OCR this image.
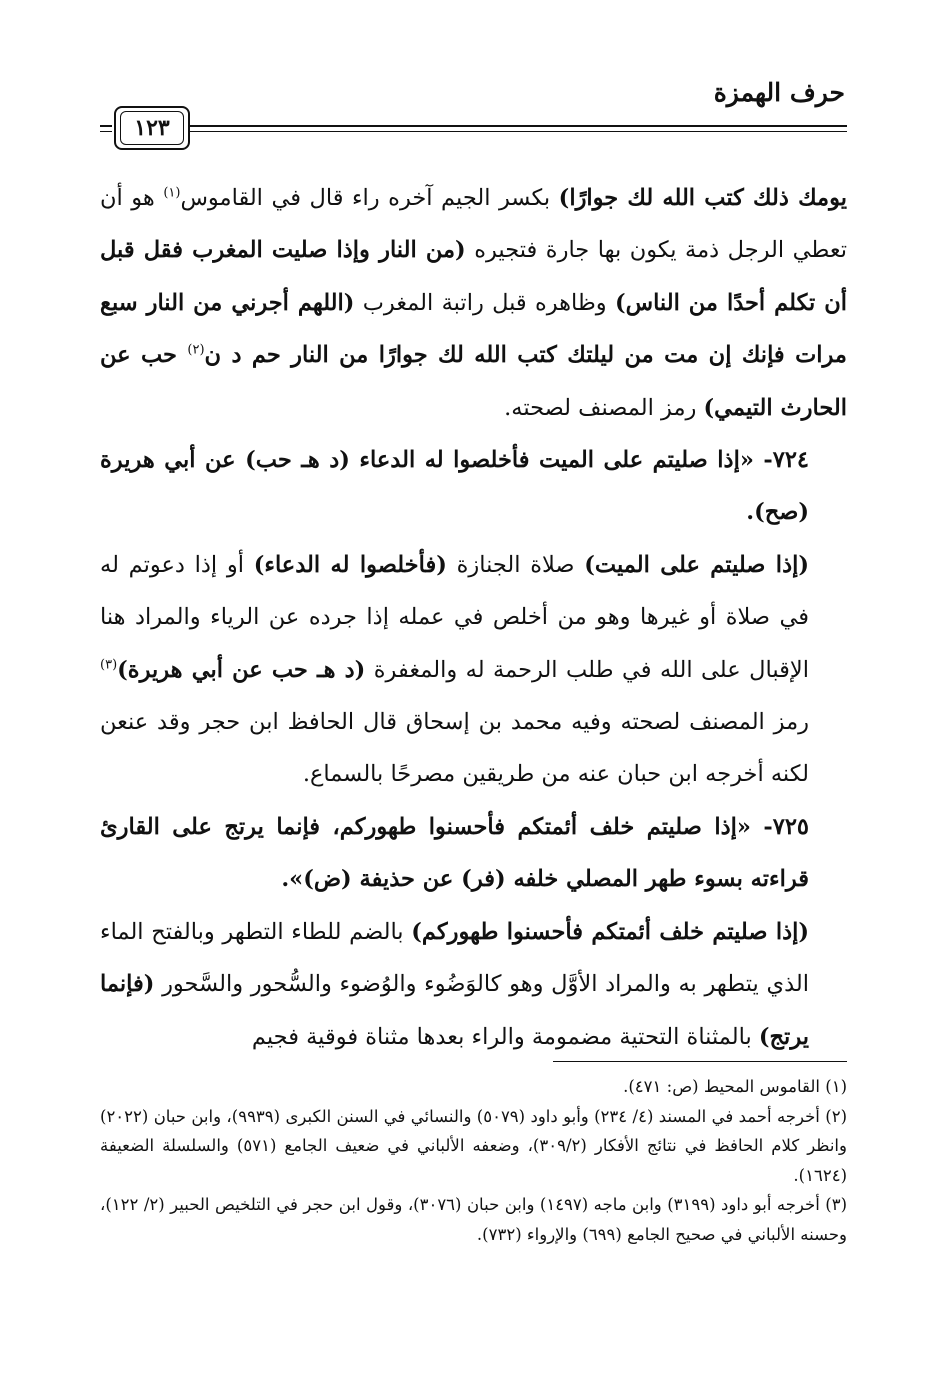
حرف الهمزة
١٢٣

يومك ذلك كتب الله لك جوارًا) بكسر الجيم آخره راء قال في القاموس$^{(١)}$ هو أن تعطي الرجل ذمة يكون بها جارة فتجيره (من النار وإذا صليت المغرب فقل قبل أن تكلم أحدًا من الناس) وظاهره قبل راتبة المغرب (اللهم أجرني من النار سبع مرات فإنك إن مت من ليلتك كتب الله لك جوارًا من النار حم د ن$^{(٢)}$ حب عن الحارث التيمي) رمز المصنف لصحته.

٧٢٤- «إذا صليتم على الميت فأخلصوا له الدعاء (د هـ حب) عن أبي هريرة (صح).

(إذا صليتم على الميت) صلاة الجنازة (فأخلصوا له الدعاء) أو إذا دعوتم له في صلاة أو غيرها وهو من أخلص في عمله إذا جرده عن الرياء والمراد هنا الإقبال على الله في طلب الرحمة له والمغفرة (د هـ حب عن أبي هريرة)$^{(٣)}$ رمز المصنف لصحته وفيه محمد بن إسحاق قال الحافظ ابن حجر وقد عنعن لكنه أخرجه ابن حبان عنه من طريقين مصرحًا بالسماع.

٧٢٥- «إذا صليتم خلف أئمتكم فأحسنوا طهوركم، فإنما يرتج على القارئ قراءته بسوء طهر المصلي خلفه (فر) عن حذيفة (ض)».

(إذا صليتم خلف أئمتكم فأحسنوا طهوركم) بالضم للطاء التطهر وبالفتح الماء الذي يتطهر به والمراد الأوَّل وهو كالوَضُوء والوُضوء والسُّحور والسَّحور (فإنما يرتج) بالمثناة التحتية مضمومة والراء بعدها مثناة فوقية فجيم

(١) القاموس المحيط (ص: ٤٧١).

(٢) أخرجه أحمد في المسند (٤/ ٢٣٤) وأبو داود (٥٠٧٩) والنسائي في السنن الكبرى (٩٩٣٩)، وابن حبان (٢٠٢٢) وانظر كلام الحافظ في نتائج الأفكار (٣٠٩/٢)، وضعفه الألباني في ضعيف الجامع (٥٧١) والسلسلة الضعيفة (١٦٢٤).

(٣) أخرجه أبو داود (٣١٩٩) وابن ماجه (١٤٩٧) وابن حبان (٣٠٧٦)، وقول ابن حجر في التلخيص الحبير (٢/ ١٢٢)، وحسنه الألباني في صحيح الجامع (٦٩٩) والإرواء (٧٣٢).
